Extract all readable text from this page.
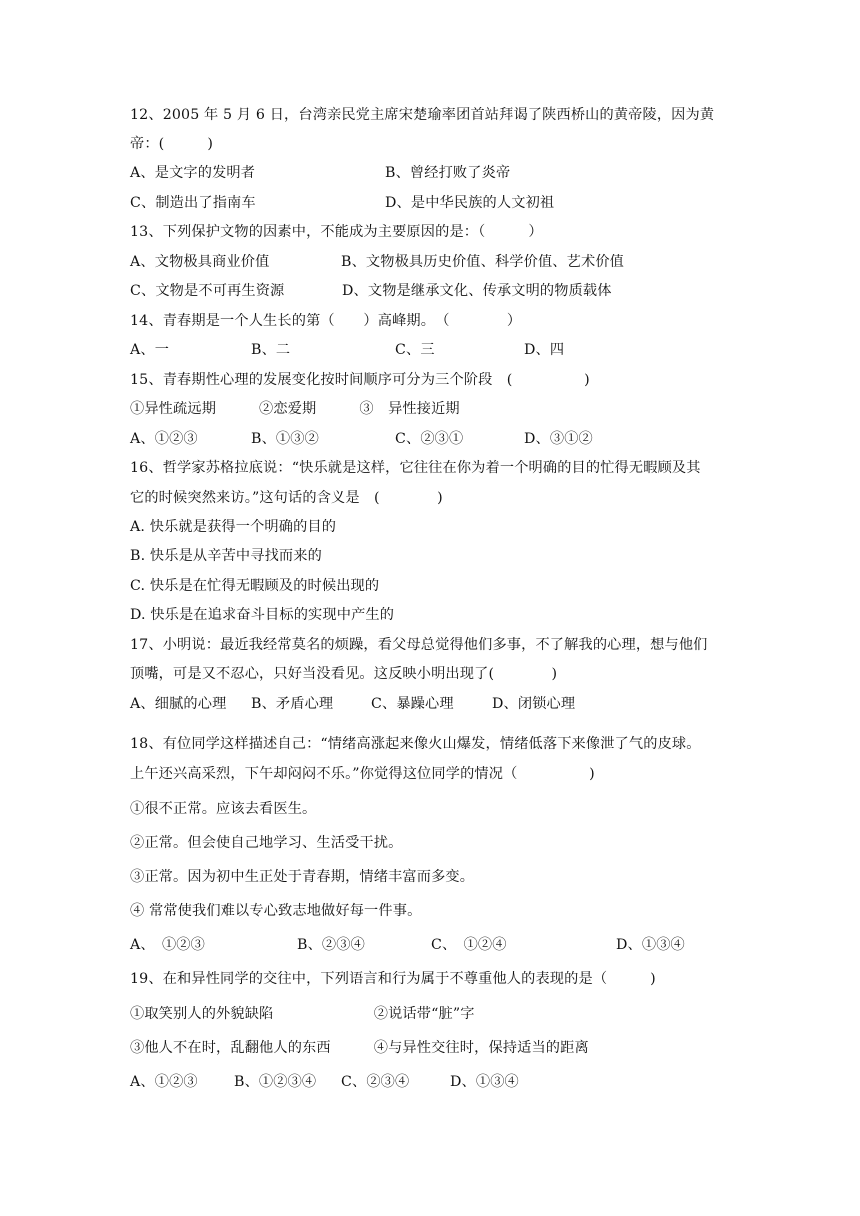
12、2005 年 5 月 6 日，台湾亲民党主席宋楚瑜率团首站拜谒了陕西桥山的黄帝陵，因为黄
帝：(　　　)
A、是文字的发明者	B、曾经打败了炎帝
C、制造出了指南车	D、是中华民族的人文初祖
13、下列保护文物的因素中，不能成为主要原因的是：（　　　）
A、文物极具商业价值	B、文物极具历史价值、科学价值、艺术价值
C、文物是不可再生资源	D、文物是继承文化、传承文明的物质载体
14、青春期是一个人生长的第（　　）高峰期。　（　　　　）
A、一	B、二	C、三	D、四
15、青春期性心理的发展变化按时间顺序可分为三个阶段　(　　　　　)
①异性疏远期　　　②恋爱期　　　③　异性接近期
A、①②③	B、①③②	C、②③①	D、③①②
16、哲学家苏格拉底说：“快乐就是这样，它往往在你为着一个明确的目的忙得无暇顾及其
它的时候突然来访。”这句话的含义是　(　　　　)
A. 快乐就是获得一个明确的目的
B. 快乐是从辛苦中寻找而来的
C. 快乐是在忙得无暇顾及的时候出现的
D. 快乐是在追求奋斗目标的实现中产生的
17、小明说：最近我经常莫名的烦躁，看父母总觉得他们多事，不了解我的心理，想与他们
顶嘴，可是又不忍心，只好当没看见。这反映小明出现了(　　　　)
A、细腻的心理	B、矛盾心理	C、暴躁心理	D、闭锁心理
18、有位同学这样描述自己：“情绪高涨起来像火山爆发，情绪低落下来像泄了气的皮球。
上午还兴高采烈，下午却闷闷不乐。”你觉得这位同学的情况（　　　　　)
①很不正常。应该去看医生。
②正常。但会使自己地学习、生活受干扰。
③正常。因为初中生正处于青春期，情绪丰富而多变。
④ 常常使我们难以专心致志地做好每一件事。
A、　①②③	B、②③④	C、　①②④	D、①③④
19、在和异性同学的交往中，下列语言和行为属于不尊重他人的表现的是（　　　)
①取笑别人的外貌缺陷　　　　　　　②说话带“脏”字
③他人不在时，乱翻他人的东西　　　④与异性交往时，保持适当的距离
A、①②③	B、①②③④	C、②③④	D、①③④
